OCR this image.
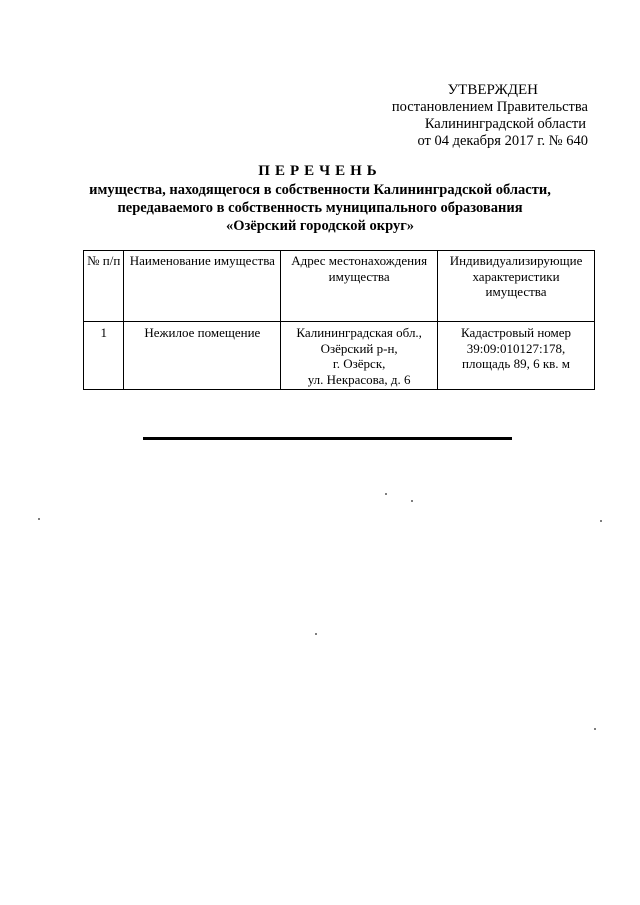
УТВЕРЖДЕН
постановлением Правительства
Калининградской области
от 04 декабря 2017 г. № 640
ПЕРЕЧЕНЬ
имущества, находящегося в собственности Калининградской области,
передаваемого в собственность муниципального образования
«Озёрский городской округ»
№ п/п	Наименование имущества	Адрес местонахождения имущества	Индивидуализирующие характеристики имущества
1	Нежилое помещение	Калининградская обл.,
Озёрский р-н,
г. Озёрск,
ул. Некрасова, д. 6	Кадастровый номер
39:09:010127:178,
площадь 89, 6 кв. м
